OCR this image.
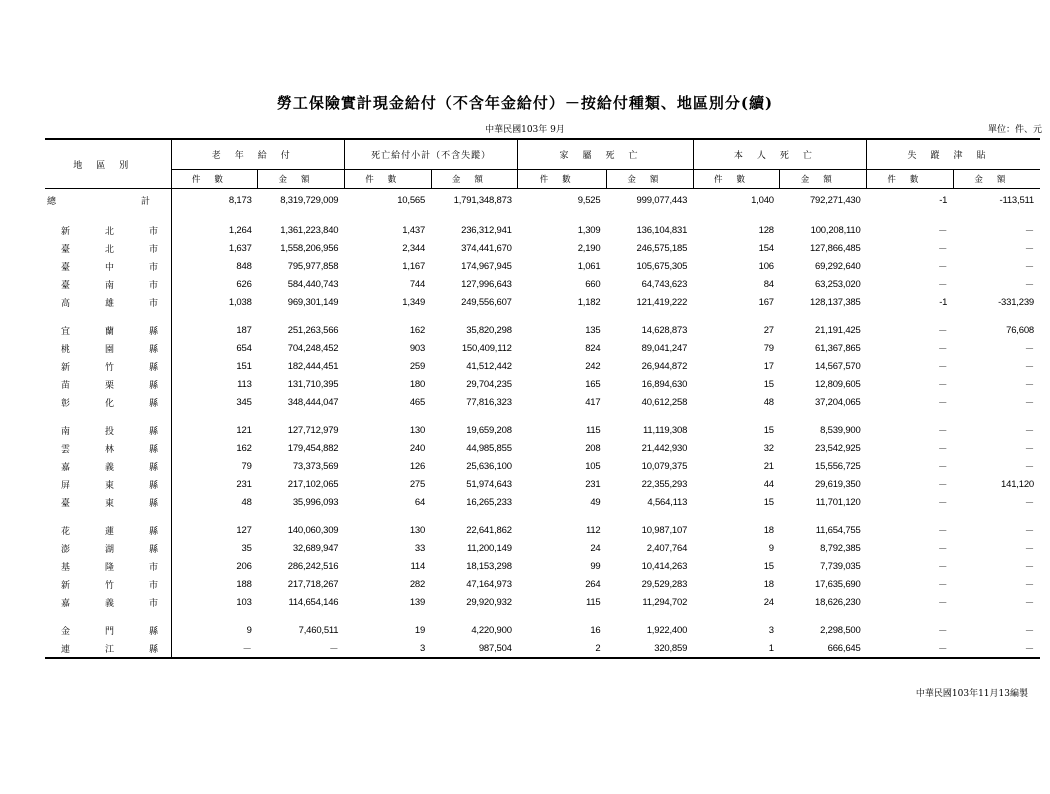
勞工保險實計現金給付（不含年金給付）－按給付種類、地區別分(續)
中華民國103年 9月	單位：件、元
地區別	老年給付		死亡給付小計（不含失蹤）		家屬死亡		本人死亡		失蹤津貼	
	件數	金額	件數	金額	件數	金額	件數	金額	件數	金額
總 計	8,173	8,319,729,009	10,565	1,791,348,873	9,525	999,077,443	1,040	792,271,430	-1	-113,511

新 北 市	1,264	1,361,223,840	1,437	236,312,941	1,309	136,104,831	128	100,208,110	－	－
臺 北 市	1,637	1,558,206,956	2,344	374,441,670	2,190	246,575,185	154	127,866,485	－	－
臺 中 市	848	795,977,858	1,167	174,967,945	1,061	105,675,305	106	69,292,640	－	－
臺 南 市	626	584,440,743	744	127,996,643	660	64,743,623	84	63,253,020	－	－
高 雄 市	1,038	969,301,149	1,349	249,556,607	1,182	121,419,222	167	128,137,385	-1	-331,239

宜 蘭 縣	187	251,263,566	162	35,820,298	135	14,628,873	27	21,191,425	－	76,608
桃 園 縣	654	704,248,452	903	150,409,112	824	89,041,247	79	61,367,865	－	－
新 竹 縣	151	182,444,451	259	41,512,442	242	26,944,872	17	14,567,570	－	－
苗 栗 縣	113	131,710,395	180	29,704,235	165	16,894,630	15	12,809,605	－	－
彰 化 縣	345	348,444,047	465	77,816,323	417	40,612,258	48	37,204,065	－	－

南 投 縣	121	127,712,979	130	19,659,208	115	11,119,308	15	8,539,900	－	－
雲 林 縣	162	179,454,882	240	44,985,855	208	21,442,930	32	23,542,925	－	－
嘉 義 縣	79	73,373,569	126	25,636,100	105	10,079,375	21	15,556,725	－	－
屏 東 縣	231	217,102,065	275	51,974,643	231	22,355,293	44	29,619,350	－	141,120
臺 東 縣	48	35,996,093	64	16,265,233	49	4,564,113	15	11,701,120	－	－

花 蓮 縣	127	140,060,309	130	22,641,862	112	10,987,107	18	11,654,755	－	－
澎 湖 縣	35	32,689,947	33	11,200,149	24	2,407,764	9	8,792,385	－	－
基 隆 市	206	286,242,516	114	18,153,298	99	10,414,263	15	7,739,035	－	－
新 竹 市	188	217,718,267	282	47,164,973	264	29,529,283	18	17,635,690	－	－
嘉 義 市	103	114,654,146	139	29,920,932	115	11,294,702	24	18,626,230	－	－

金 門 縣	9	7,460,511	19	4,220,900	16	1,922,400	3	2,298,500	－	－
連 江 縣	－	－	3	987,504	2	320,859	1	666,645	－	－
中華民國103年11月13編製
